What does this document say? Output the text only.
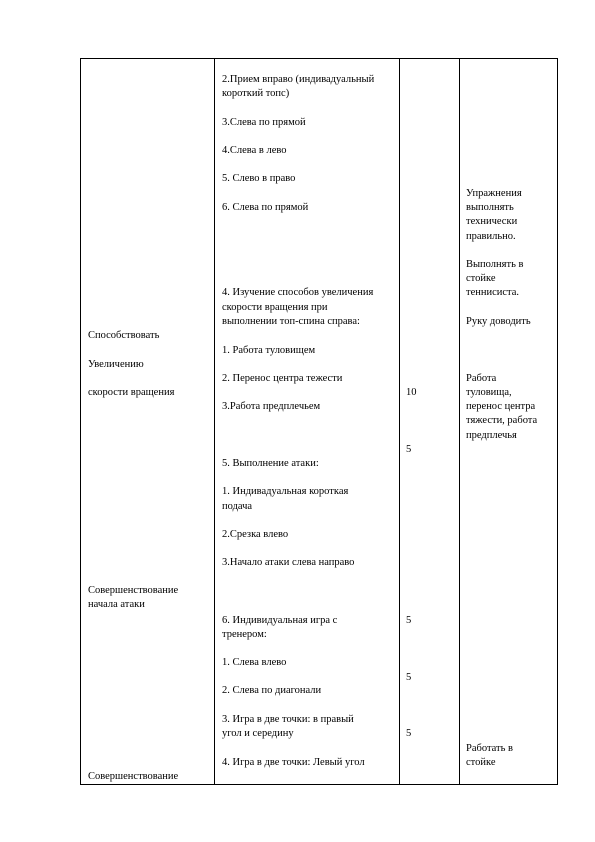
Способствовать
Увеличению
скорости вращения
Совершенствование
начала атаки
Совершенствование
2.Прием вправо (индивадуальный
короткий топс)
3.Слева по прямой
4.Слева в лево
5. Слево в право
6. Слева по прямой
4. Изучение способов увеличения
скорости вращения при
выполнении топ-спина справа:
1. Работа туловищем
2. Перенос центра тежести
3.Работа предплечьем
5. Выполнение атаки:
1. Индивадуальная короткая
подача
2.Срезка влево
3.Начало атаки слева направо
6. Индивидуальная игра с
тренером:
1. Слева влево
2. Слева по диагонали
3. Игра в две точки: в правый
угол и середину
4. Игра в две точки: Левый угол
10
5
5
5
5
Упражнения
выполнять
технически
правильно.
Выполнять в
стойке
теннисиста.
Руку доводить
Работа
туловища,
перенос центра
тяжести, работа
предплечья
Работать в
стойке
